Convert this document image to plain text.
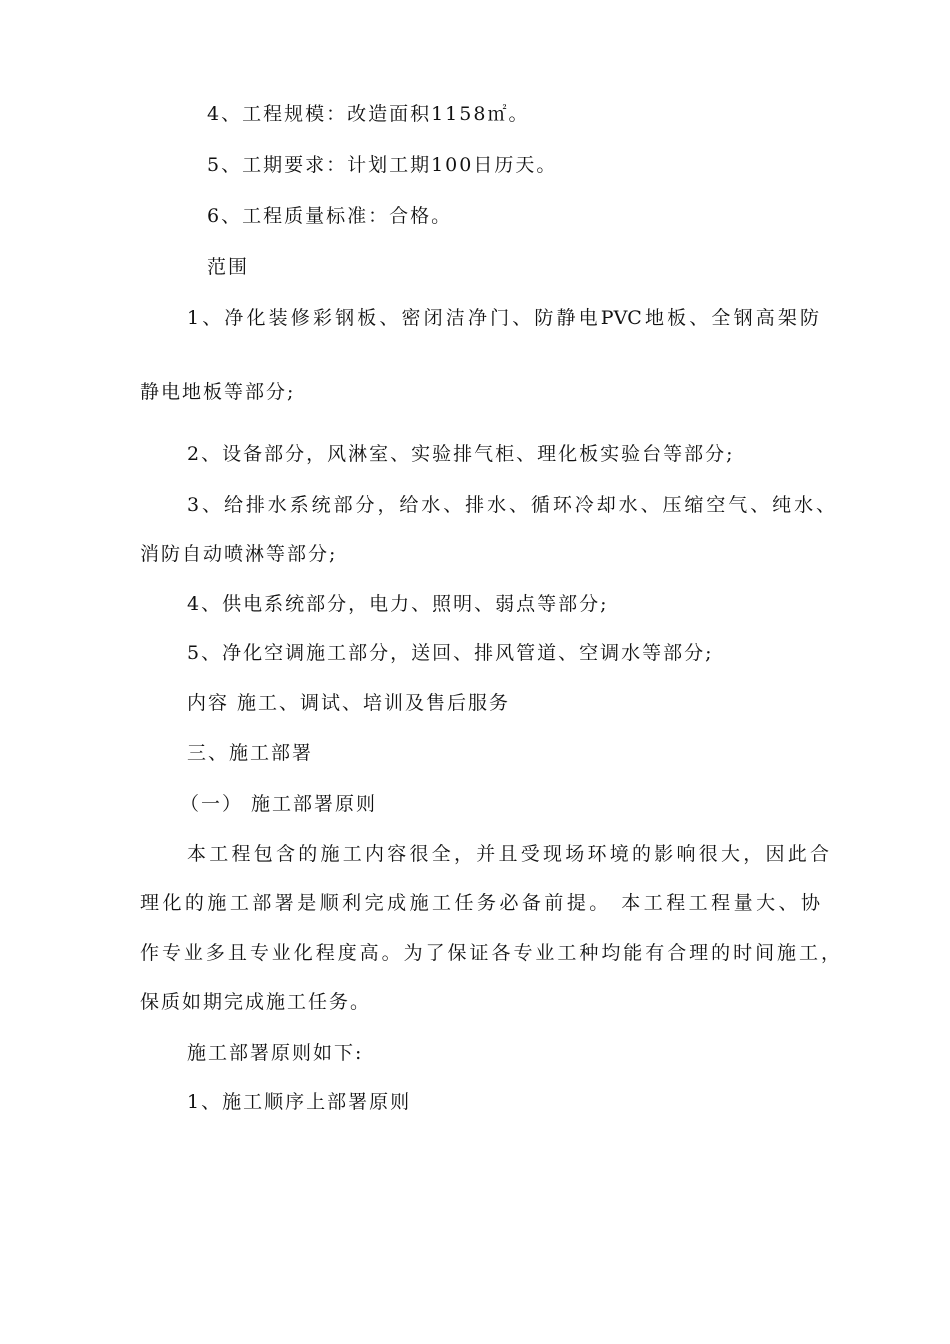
4、工程规模：改造面积1158㎡。
5、工期要求：计划工期100日历天。
6、工程质量标准：合格。
范围
1、净化装修彩钢板、密闭洁净门、防静电PVC地板、全钢高架防
静电地板等部分;
2、设备部分，风淋室、实验排气柜、理化板实验台等部分;
3、给排水系统部分，给水、排水、循环冷却水、压缩空气、纯水、
消防自动喷淋等部分;
4、供电系统部分，电力、照明、弱点等部分;
5、净化空调施工部分，送回、排风管道、空调水等部分;
内容 施工、调试、培训及售后服务
三、施工部署
（一） 施工部署原则
本工程包含的施工内容很全，并且受现场环境的影响很大，因此合
理化的施工部署是顺利完成施工任务必备前提。 本工程工程量大、协
作专业多且专业化程度高。为了保证各专业工种均能有合理的时间施工，
保质如期完成施工任务。
施工部署原则如下:
1、施工顺序上部署原则
